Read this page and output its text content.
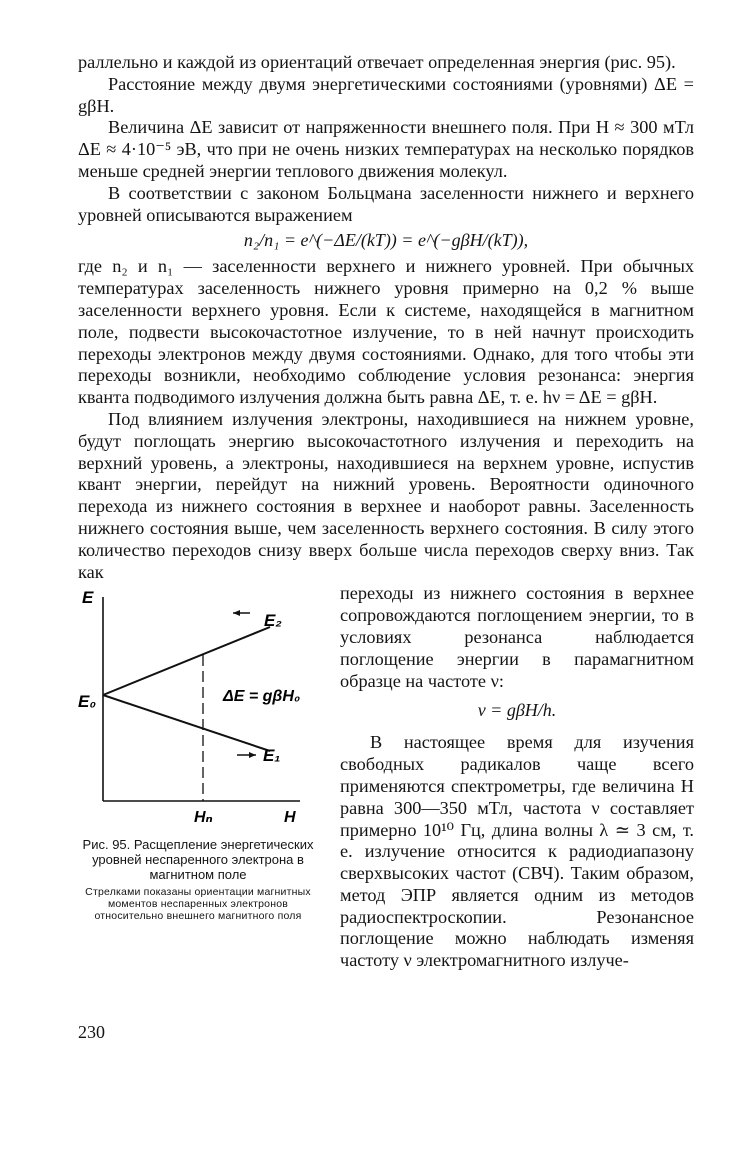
раллельно и каждой из ориентаций отвечает определенная энергия (рис. 95).

Расстояние между двумя энергетическими состояниями (уровнями) ΔE = gβH.

Величина ΔE зависит от напряженности внешнего поля. При H ≈ 300 мТл ΔE ≈ 4·10⁻⁵ эВ, что при не очень низких температурах на несколько порядков меньше средней энергии теплового движения молекул.

В соответствии с законом Больцмана заселенности нижнего и верхнего уровней описываются выражением

n₂/n₁ = e^(−ΔE/(kT)) = e^(−gβH/(kT)),

где n₂ и n₁ — заселенности верхнего и нижнего уровней. При обычных температурах заселенность нижнего уровня примерно на 0,2 % выше заселенности верхнего уровня. Если к системе, находящейся в магнитном поле, подвести высокочастотное излучение, то в ней начнут происходить переходы электронов между двумя состояниями. Однако, для того чтобы эти переходы возникли, необходимо соблюдение условия резонанса: энергия кванта подводимого излучения должна быть равна ΔE, т. е. hν = ΔE = gβH.

Под влиянием излучения электроны, находившиеся на нижнем уровне, будут поглощать энергию высокочастотного излучения и переходить на верхний уровень, а электроны, находившиеся на верхнем уровне, испустив квант энергии, перейдут на нижний уровень. Вероятности одиночного перехода из нижнего состояния в верхнее и наоборот равны. Заселенность нижнего состояния выше, чем заселенность верхнего состояния. В силу этого количество переходов снизу вверх больше числа переходов сверху вниз. Так как

E
E₀
E₂
E₁
ΔE = gβH₀
Hₙ	H
Рис. 95. Расщепление энергетических уровней неспаренного электрона в магнитном поле
Стрелками показаны ориентации магнитных моментов неспаренных электронов относительно внешнего магнитного поля

переходы из нижнего состояния в верхнее сопровождаются поглощением энергии, то в условиях резонанса наблюдается поглощение энергии в парамагнитном образце на частоте ν:

ν = gβH/h.

В настоящее время для изучения свободных радикалов чаще всего применяются спектрометры, где величина H равна 300—350 мТл, частота ν составляет примерно 10¹⁰ Гц, длина волны λ ≃ 3 см, т. е. излучение относится к радиодиапазону сверхвысоких частот (СВЧ). Таким образом, метод ЭПР является одним из методов радиоспектроскопии. Резонансное поглощение можно наблюдать изменяя частоту ν электромагнитного излуче-

230
